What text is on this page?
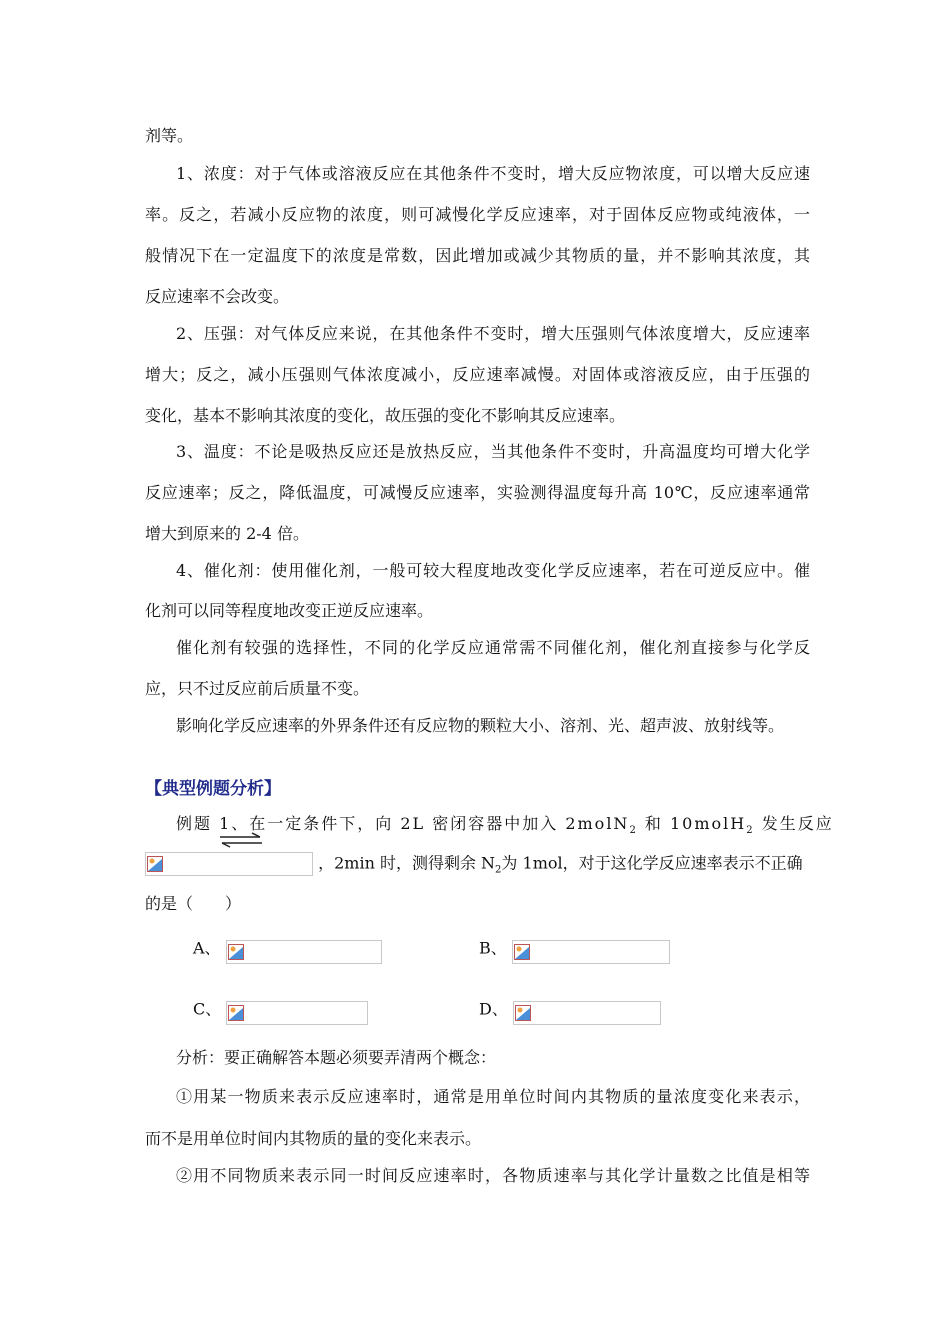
剂等。
1、浓度：对于气体或溶液反应在其他条件不变时，增大反应物浓度，可以增大反应速
率。反之，若减小反应物的浓度，则可减慢化学反应速率，对于固体反应物或纯液体，一
般情况下在一定温度下的浓度是常数，因此增加或减少其物质的量，并不影响其浓度，其
反应速率不会改变。
2、压强：对气体反应来说，在其他条件不变时，增大压强则气体浓度增大，反应速率
增大；反之，减小压强则气体浓度减小，反应速率减慢。对固体或溶液反应，由于压强的
变化，基本不影响其浓度的变化，故压强的变化不影响其反应速率。
3、温度：不论是吸热反应还是放热反应，当其他条件不变时，升高温度均可增大化学
反应速率；反之，降低温度，可减慢反应速率，实验测得温度每升高 10℃，反应速率通常
增大到原来的 2-4 倍。
4、催化剂：使用催化剂，一般可较大程度地改变化学反应速率，若在可逆反应中。催
化剂可以同等程度地改变正逆反应速率。
催化剂有较强的选择性，不同的化学反应通常需不同催化剂，催化剂直接参与化学反
应，只不过反应前后质量不变。
影响化学反应速率的外界条件还有反应物的颗粒大小、溶剂、光、超声波、放射线等。
【典型例题分析】
例题 1、在一定条件下，向 2L 密闭容器中加入 2molN$_2$ 和 10molH$_2$ 发生反应
，2min 时，测得剩余 $N_2$为 1mol，对于这化学反应速率表示不正确
的是（　　）
A、	B、
C、	D、
分析：要正确解答本题必须要弄清两个概念：
①用某一物质来表示反应速率时，通常是用单位时间内其物质的量浓度变化来表示，
而不是用单位时间内其物质的量的变化来表示。
②用不同物质来表示同一时间反应速率时，各物质速率与其化学计量数之比值是相等
